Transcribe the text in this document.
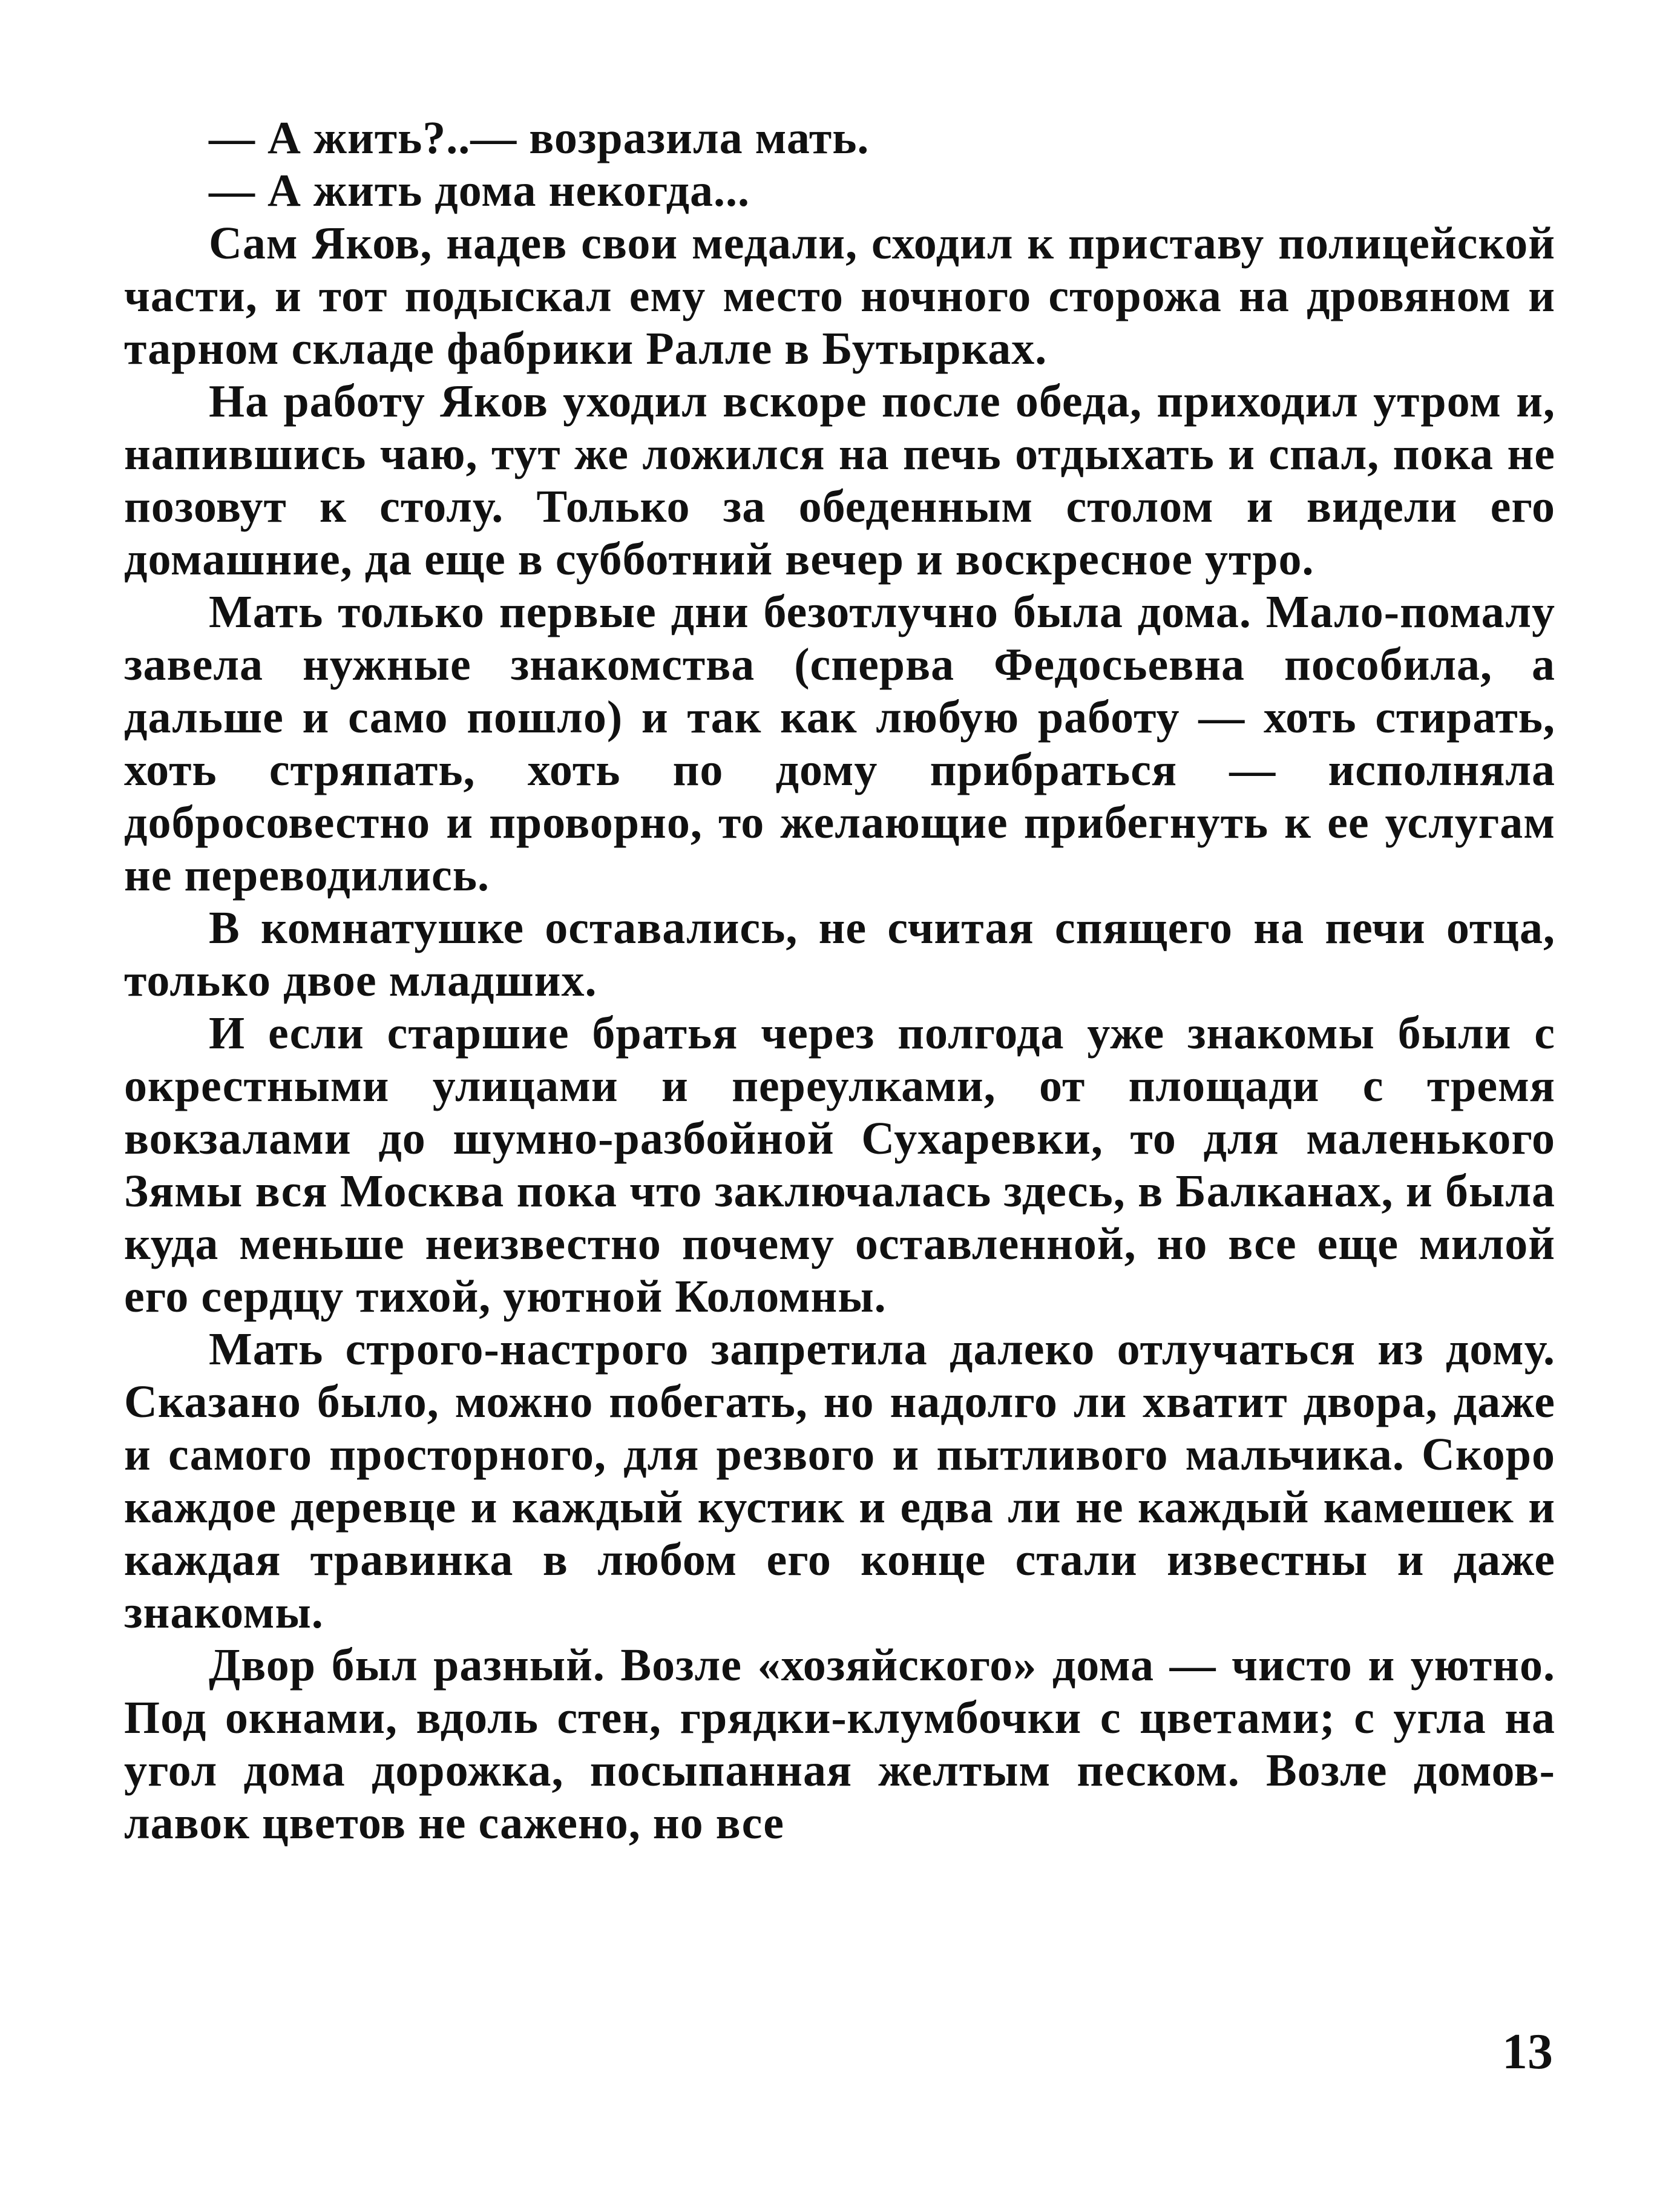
— А жить?..— возразила мать.

— А жить дома некогда...

Сам Яков, надев свои медали, сходил к приставу полицейской части, и тот подыскал ему место ночного сторожа на дровяном и тарном складе фабрики Ралле в Бутырках.

На работу Яков уходил вскоре после обеда, приходил утром и, напившись чаю, тут же ложился на печь отдыхать и спал, пока не позовут к столу. Только за обеденным столом и видели его домашние, да еще в субботний вечер и воскресное утро.

Мать только первые дни безотлучно была дома. Мало-помалу завела нужные знакомства (сперва Федосьевна пособила, а дальше и само пошло) и так как любую работу — хоть стирать, хоть стряпать, хоть по дому прибраться — исполняла добросовестно и проворно, то желающие прибегнуть к ее услугам не переводились.

В комнатушке оставались, не считая спящего на печи отца, только двое младших.

И если старшие братья через полгода уже знакомы были с окрестными улицами и переулками, от площади с тремя вокзалами до шумно-разбойной Сухаревки, то для маленького Зямы вся Москва пока что заключалась здесь, в Балканах, и была куда меньше неизвестно почему оставленной, но все еще милой его сердцу тихой, уютной Коломны.

Мать строго-настрого запретила далеко отлучаться из дому. Сказано было, можно побегать, но надолго ли хватит двора, даже и самого просторного, для резвого и пытливого мальчика. Скоро каждое деревце и каждый кустик и едва ли не каждый камешек и каждая травинка в любом его конце стали известны и даже знакомы.

Двор был разный. Возле «хозяйского» дома — чисто и уютно. Под окнами, вдоль стен, грядки-клумбочки с цветами; с угла на угол дома дорожка, посыпанная желтым песком. Возле домов-лавок цветов не сажено, но все

13
